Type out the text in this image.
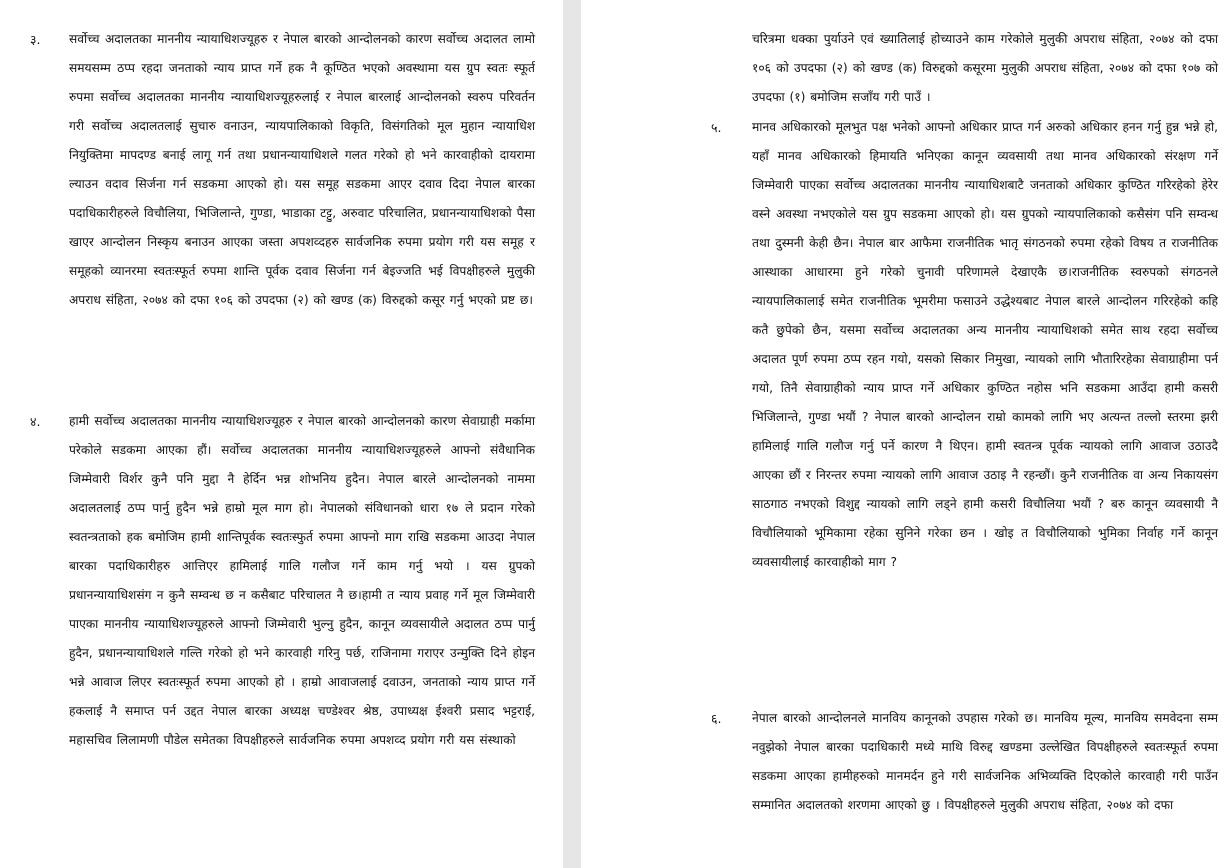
३. सर्वोच्च अदालतका माननीय न्यायाधिशज्यूहरु र नेपाल बारको आन्दोलनको कारण सर्वोच्च अदालत लामो समयसम्म ठप्प रहदा जनताको न्याय प्राप्त गर्ने हक नै कूण्ठित भएको अवस्थामा यस ग्रुप स्वतः स्फूर्त रुपमा सर्वोच्च अदालतका माननीय न्यायाधिशज्यूहरुलाई र नेपाल बारलाई आन्दोलनको स्वरुप परिवर्तन गरी सर्वोच्च अदालतलाई सुचारु वनाउन, न्यायपालिकाको विकृति, विसंगतिको मूल मुहान न्यायाधिश नियुक्तिमा मापदण्ड बनाई लागू गर्न तथा प्रधानन्यायाधिशले गलत गरेको हो भने कारवाहीको दायरामा ल्याउन वदाव सिर्जना गर्न सडकमा आएको हो। यस समूह सडकमा आएर दवाव दिदा नेपाल बारका पदाधिकारीहरुले विचौलिया, भिजिलान्ते, गुण्डा, भाडाका टट्टु, अरुवाट परिचालित, प्रधानन्यायाधिशको पैसा खाएर आन्दोलन निस्कृय बनाउन आएका जस्ता अपशव्दहरु सार्वजनिक रुपमा प्रयोग गरी यस समूह र समूहको व्यानरमा स्वतःस्फूर्त रुपमा शान्ति पूर्वक दवाव सिर्जना गर्न बेइज्जति भई विपक्षीहरुले मुलुकी अपराध संहिता, २०७४ को दफा १०६ को उपदफा (२) को खण्ड (क) विरुद्दको कसूर गर्नु भएको प्रष्ट छ।
४. हामी सर्वोच्च अदालतका माननीय न्यायाधिशज्यूहरु र नेपाल बारको आन्दोलनको कारण सेवाग्राही मर्कामा परेकोले सडकमा आएका हौं। सर्वोच्च अदालतका माननीय न्यायाधिशज्यूहरुले आफ्नो संवैधानिक जिम्मेवारी विर्शर कुनै पनि मुद्दा नै हेर्दिन भन्न शोभनिय हुदैन। नेपाल बारले आन्दोलनको नाममा अदालतलाई ठप्प पार्नु हुदैन भन्ने हाम्रो मूल माग हो। नेपालको संविधानको धारा १७ ले प्रदान गरेको स्वतन्त्रताको हक बमोजिम हामी शान्तिपूर्वक स्वतःस्फुर्त रुपमा आफ्नो माग राखि सडकमा आउदा नेपाल बारका पदाधिकारीहरु आत्तिएर हामिलाई गालि गलौज गर्ने काम गर्नु भयो । यस ग्रुपको प्रधानन्यायाधिशसंग न कुनै सम्वन्ध छ न कसैबाट परिचालत नै छ।हामी त न्याय प्रवाह गर्ने मूल जिम्मेवारी पाएका माननीय न्यायाधिशज्यूहरुले आफ्नो जिम्मेवारी भुल्नु हुदैन, कानून व्यवसायीले अदालत ठप्प पार्नु हुदैन, प्रधानन्यायाधिशले गल्ति गरेको हो भने कारवाही गरिनु पर्छ, राजिनामा गराएर उन्मुक्ति दिने होइन भन्ने आवाज लिएर स्वतःस्फूर्त रुपमा आएको हो । हाम्रो आवाजलाई दवाउन, जनताको न्याय प्राप्त गर्ने हकलाई नै समाप्त पर्न उद्दत नेपाल बारका अध्यक्ष चण्डेश्वर श्रेष्ठ, उपाध्यक्ष ईश्वरी प्रसाद भट्टराई, महासचिव लिलामणी पौडेल समेतका विपक्षीहरुले सार्वजनिक रुपमा अपशव्द प्रयोग गरी यस संस्थाको
चरित्रमा धक्का पुर्याउने एवं ख्यातिलाई होच्याउने काम गरेकोले मुलुकी अपराध संहिता, २०७४ को दफा १०६ को उपदफा (२) को खण्ड (क) विरुद्दको कसूरमा मुलुकी अपराध संहिता, २०७४ को दफा १०७ को उपदफा (१) बमोजिम सजाँय गरी पाउँ ।
५.	मानव अधिकारको मूलभुत पक्ष भनेको आफ्नो अधिकार प्राप्त गर्न अरुको अधिकार हनन गर्नु हुन्न भन्ने हो, यहाँ मानव अधिकारको हिमायति भनिएका कानून व्यवसायी तथा मानव अधिकारको संरक्षण गर्ने जिम्मेवारी पाएका सर्वोच्च अदालतका माननीय न्यायाधिशबाटै जनताको अधिकार कुण्ठित गरिरहेको हेरेर वस्ने अवस्था नभएकोले यस ग्रुप सडकमा आएको हो। यस ग्रुपको न्यायपालिकाको कसैसंग पनि सम्वन्ध तथा दुस्मनी केही छैन। नेपाल बार आफैमा राजनीतिक भातृ संगठनको रुपमा रहेको विषय त राजनीतिक आस्थाका आधारमा हुने गरेको चुनावी परिणामले देखाएकै छ।राजनीतिक स्वरुपको संगठनले न्यायपालिकालाई समेत राजनीतिक भूमरीमा फसाउने उद्धेश्यबाट नेपाल बारले आन्दोलन गरिरहेको कहि कतै छुपेको छैन, यसमा सर्वोच्च अदालतका अन्य माननीय न्यायाधिशको समेत साथ रहदा सर्वोच्च अदालत पूर्ण रुपमा ठप्प रहन गयो, यसको सिकार निमुखा, न्यायको लागि भौतारिरहेका सेवाग्राहीमा पर्न गयो, तिनै सेवाग्राहीको न्याय प्राप्त गर्ने अधिकार कुण्ठित नहोस भनि सडकमा आउँदा हामी कसरी भिजिलान्ते, गुण्डा भयौं ? नेपाल बारको आन्दोलन राम्रो कामको लागि भए अत्यन्त तल्लो स्तरमा झरी हामिलाई गालि गलौज गर्नु पर्ने कारण नै थिएन। हामी स्वतन्त्र पूर्वक न्यायको लागि आवाज उठाउदै आएका छौं र निरन्तर रुपमा न्यायको लागि आवाज उठाइ नै रहन्छौं। कुनै राजनीतिक वा अन्य निकायसंग साठगाठ नभएको विशुद्द न्यायको लागि लड्ने हामी कसरी विचौलिया भयौं ? बरु कानून व्यवसायी नै विचौलियाको भूमिकामा रहेका सुनिने गरेका छन । खोइ त विचौलियाको भुमिका निर्वाह गर्ने कानून व्यवसायीलाई कारवाहीको माग ?
६.	नेपाल बारको आन्दोलनले मानविय कानूनको उपहास गरेको छ। मानविय मूल्य, मानविय समवेदना सम्म नवुझेको नेपाल बारका पदाधिकारी मध्ये माथि विरुद्द खण्डमा उल्लेखित विपक्षीहरुले स्वतःस्फूर्त रुपमा सडकमा आएका हामीहरुको मानमर्दन हुने गरी सार्वजनिक अभिव्यक्ति दिएकोले कारवाही गरी पाउँन सम्मानित अदालतको शरणमा आएको छु । विपक्षीहरुले मुलुकी अपराध संहिता, २०७४ को दफा
